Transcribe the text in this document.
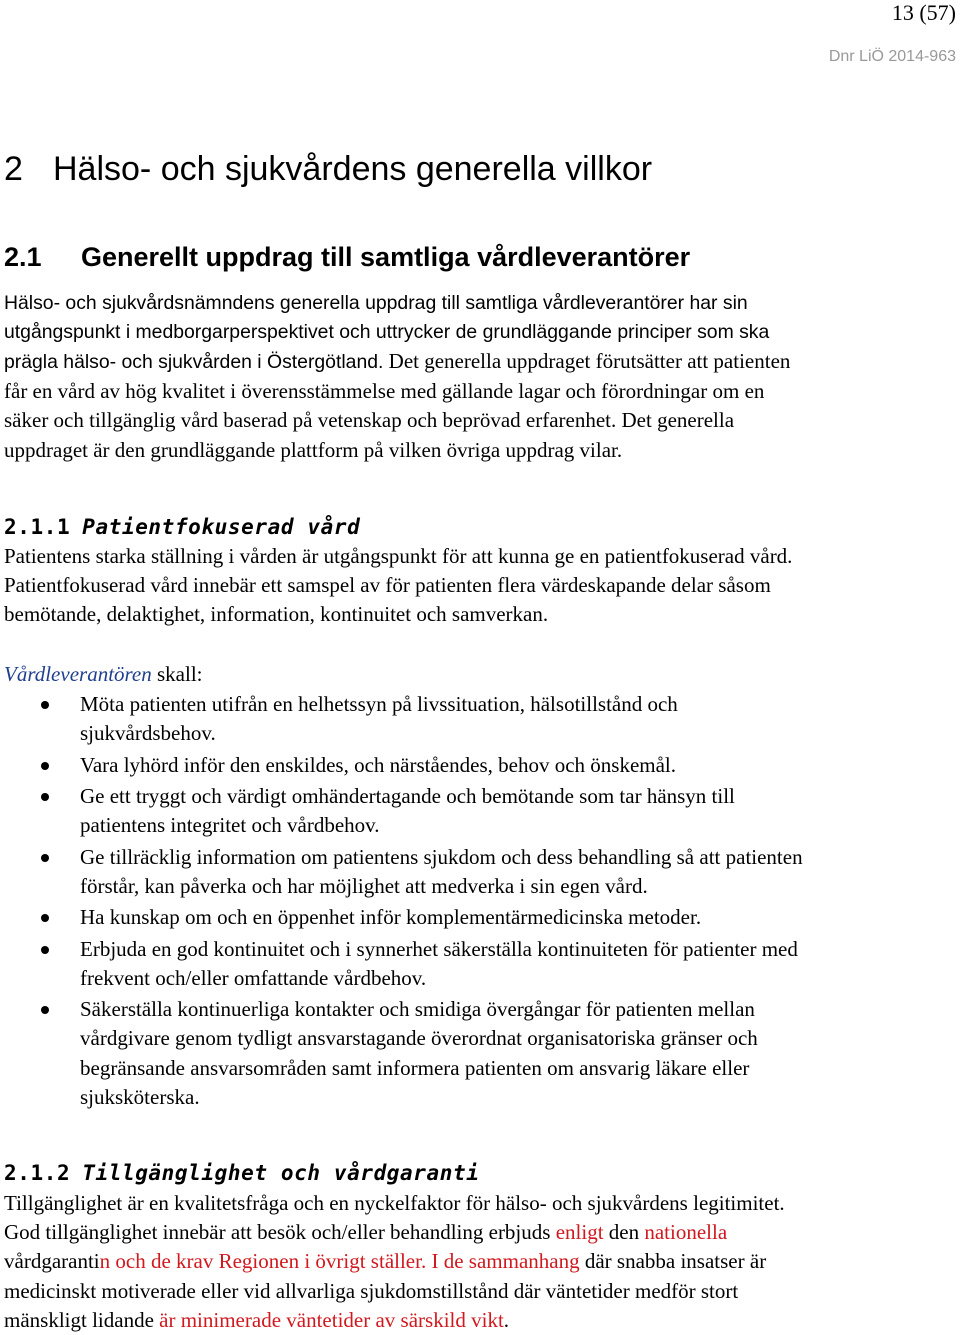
13 (57)
Dnr LiÖ 2014-963
2 Hälso- och sjukvårdens generella villkor
2.1 Generellt uppdrag till samtliga vårdleverantörer
Hälso- och sjukvårdsnämndens generella uppdrag till samtliga vårdleverantörer har sin
utgångspunkt i medborgarperspektivet och uttrycker de grundläggande principer som ska
prägla hälso- och sjukvården i Östergötland. Det generella uppdraget förutsätter att patienten
får en vård av hög kvalitet i överensstämmelse med gällande lagar och förordningar om en
säker och tillgänglig vård baserad på vetenskap och beprövad erfarenhet. Det generella
uppdraget är den grundläggande plattform på vilken övriga uppdrag vilar.
2.1.1 Patientfokuserad vård
Patientens starka ställning i vården är utgångspunkt för att kunna ge en patientfokuserad vård.
Patientfokuserad vård innebär ett samspel av för patienten flera värdeskapande delar såsom
bemötande, delaktighet, information, kontinuitet och samverkan.
Vårdleverantören skall:
Möta patienten utifrån en helhetssyn på livssituation, hälsotillstånd och
sjukvårdsbehov.
Vara lyhörd inför den enskildes, och närståendes, behov och önskemål.
Ge ett tryggt och värdigt omhändertagande och bemötande som tar hänsyn till
patientens integritet och vårdbehov.
Ge tillräcklig information om patientens sjukdom och dess behandling så att patienten
förstår, kan påverka och har möjlighet att medverka i sin egen vård.
Ha kunskap om och en öppenhet inför komplementärmedicinska metoder.
Erbjuda en god kontinuitet och i synnerhet säkerställa kontinuiteten för patienter med
frekvent och/eller omfattande vårdbehov.
Säkerställa kontinuerliga kontakter och smidiga övergångar för patienten mellan
vårdgivare genom tydligt ansvarstagande överordnat organisatoriska gränser och
begränsande ansvarsområden samt informera patienten om ansvarig läkare eller
sjuksköterska.
2.1.2 Tillgänglighet och vårdgaranti
Tillgänglighet är en kvalitetsfråga och en nyckelfaktor för hälso- och sjukvårdens legitimitet.
God tillgänglighet innebär att besök och/eller behandling erbjuds enligt den nationella
vårdgarantin och de krav Regionen i övrigt ställer. I de sammanhang där snabba insatser är
medicinskt motiverade eller vid allvarliga sjukdomstillstånd där väntetider medför stort
mänskligt lidande är minimerade väntetider av särskild vikt.
